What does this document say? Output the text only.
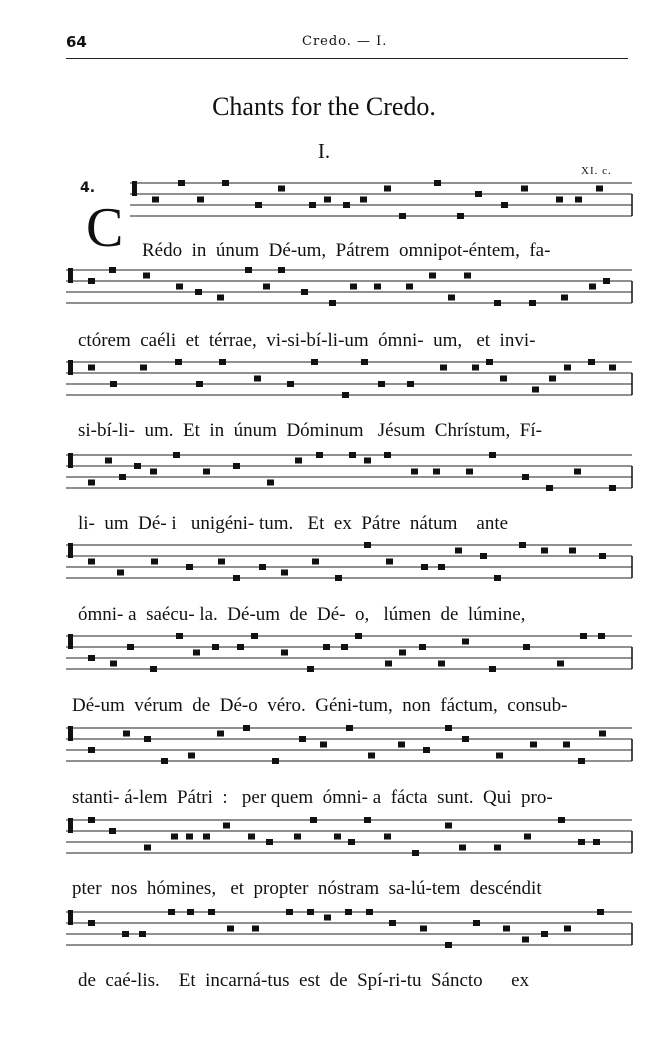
64	Credo. — I.
Chants for the Credo.
I.
4.
XI. c.
C Rédo  in  únum  Dé-um,  Pátrem  omnipot-éntem,  fa-
ctórem  caéli  et  térrae,  vi-si-bí-li-um  ómni-  um,   et  invi-
si-bí-li-  um.  Et  in  únum  Dóminum   Jésum  Chrístum,  Fí-
li-  um  Dé- i   unigéni- tum.   Et  ex  Pátre  nátum    ante
ómni- a  saécu- la.  Dé-um  de  Dé-  o,   lúmen  de  lúmine,
Dé-um  vérum  de  Dé-o  véro.  Géni-tum,  non  fáctum,  consub-
stanti- á-lem  Pátri  :   per quem  ómni- a  fácta  sunt.  Qui  pro-
pter  nos  hómines,   et  propter  nóstram  sa-lú-tem  descéndit
de  caé-lis.    Et  incarná-tus  est  de  Spí-ri-tu  Sáncto      ex
